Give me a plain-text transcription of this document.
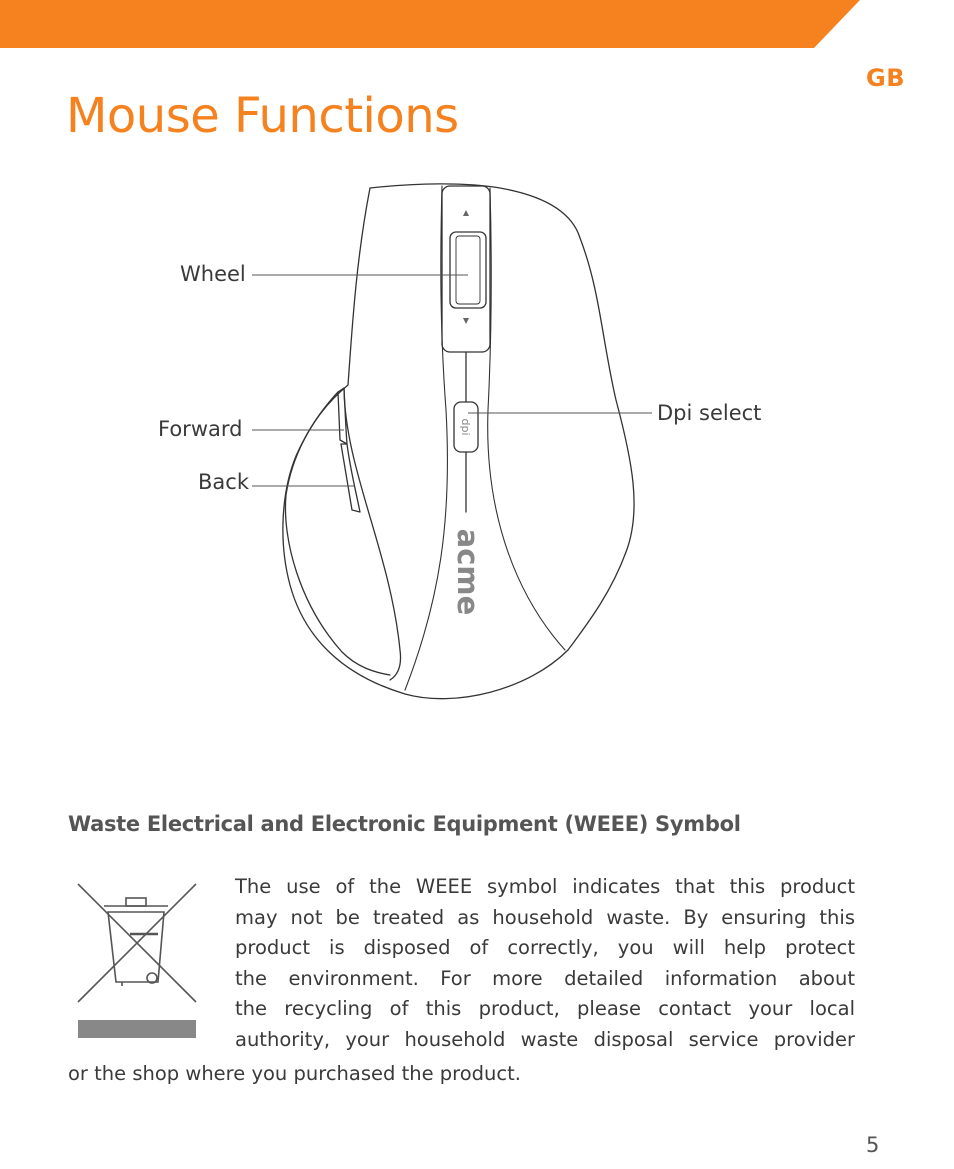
GB
Mouse Functions
dpi
acme
Wheel
Forward
Back
Dpi select
Waste Electrical and Electronic Equipment (WEEE) Symbol
The use of the WEEE symbol indicates that this product
may not be treated as household waste. By ensuring this
product is disposed of correctly, you will help protect
the environment. For more detailed information about
the recycling of this product, please contact your local
authority, your household waste disposal service provider
or the shop where you purchased the product.
5
